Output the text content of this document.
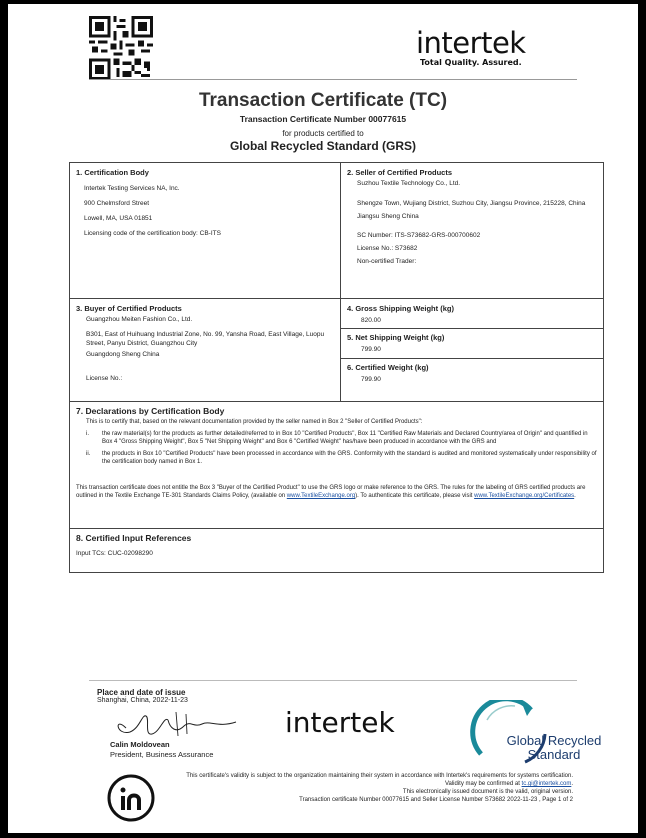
intertek
Total Quality. Assured.
Transaction Certificate (TC)
Transaction Certificate Number 00077615
for products certified to
Global Recycled Standard (GRS)
1. Certification Body

Intertek Testing Services NA, Inc.

900 Chelmsford Street

Lowell, MA, USA 01851

Licensing code of the certification body: CB-ITS

2. Seller of Certified Products

Suzhou Textile Technology Co., Ltd.

Shengze Town, Wujiang District, Suzhou City, Jiangsu Province, 215228, China

Jiangsu Sheng China

SC Number: ITS-S73682-GRS-000700602

License No.: S73682

Non-certified Trader:

3. Buyer of Certified Products

Guangzhou Meiten Fashion Co., Ltd.

B301, East of Huihuang Industrial Zone, No. 99, Yansha Road, East Village, Luopu Street, Panyu District, Guangzhou City

Guangdong Sheng China

License No.:

4. Gross Shipping Weight (kg)

820.00

5. Net Shipping Weight (kg)

799.90

6. Certified Weight (kg)

799.90

7. Declarations by Certification Body

This is to certify that, based on the relevant documentation provided by the seller named in Box 2 "Seller of Certified Products":

i.	the raw material(s) for the products as further detailed/referred to in Box 10 "Certified Products", Box 11 "Certified Raw Materials and Declared Country/area of Origin" and quantified in Box 4 "Gross Shipping Weight", Box 5 "Net Shipping Weight" and Box 6 "Certified Weight" has/have been produced in accordance with the GRS and
ii.	the products in Box 10 "Certified Products" have been processed in accordance with the GRS. Conformity with the standard is audited and monitored systematically under responsibility of the certification body named in Box 1.

This transaction certificate does not entitle the Box 3 "Buyer of the Certified Product" to use the GRS logo or make reference to the GRS. The rules for the labeling of GRS certified products are outlined in the Textile Exchange TE-301 Standards Claims Policy, (available on www.TextileExchange.org). To authenticate this certificate, please visit www.TextileExchange.org/Certificates.

8. Certified Input References

Input TCs: CUC-02098290

Place and date of issue
Shanghai, China, 2022-11-23
Calin Moldovean
President, Business Assurance
intertek
Global Recycled
Standard
This certificate's validity is subject to the organization maintaining their system in accordance with Intertek's requirements for systems certification.
Validity may be confirmed at tc.gi@intertek.com.
This electronically issued document is the valid, original version.
Transaction certificate Number 00077615 and Seller License Number S73682 2022-11-23 , Page 1 of 2
